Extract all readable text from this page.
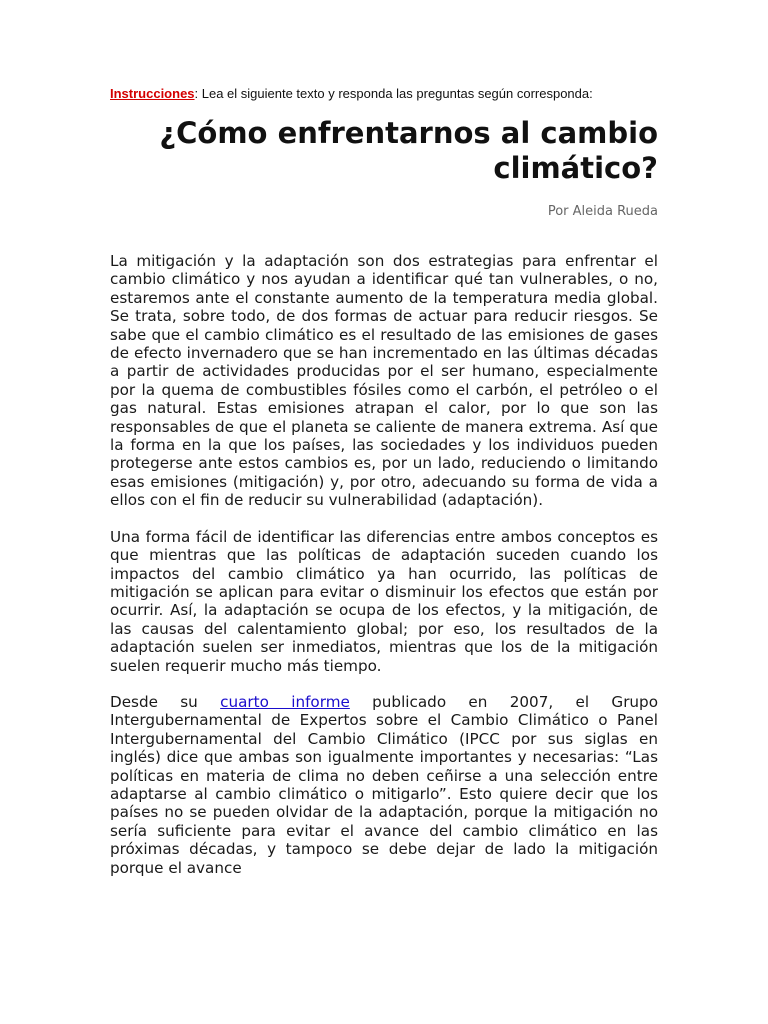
Instrucciones: Lea el siguiente texto y responda las preguntas según corresponda:
¿Cómo enfrentarnos al cambio
climático?
Por Aleida Rueda

La mitigación y la adaptación son dos estrategias para enfrentar el cambio climático y nos ayudan a identificar qué tan vulnerables, o no, estaremos ante el constante aumento de la temperatura media global. Se trata, sobre todo, de dos formas de actuar para reducir riesgos. Se sabe que el cambio climático es el resultado de las emisiones de gases de efecto invernadero que se han incrementado en las últimas décadas a partir de actividades producidas por el ser humano, especialmente por la quema de combustibles fósiles como el carbón, el petróleo o el gas natural. Estas emisiones atrapan el calor, por lo que son las responsables de que el planeta se caliente de manera extrema. Así que la forma en la que los países, las sociedades y los individuos pueden protegerse ante estos cambios es, por un lado, reduciendo o limitando esas emisiones (mitigación) y, por otro, adecuando su forma de vida a ellos con el fin de reducir su vulnerabilidad (adaptación).

Una forma fácil de identificar las diferencias entre ambos conceptos es que mientras que las políticas de adaptación suceden cuando los impactos del cambio climático ya han ocurrido, las políticas de mitigación se aplican para evitar o disminuir los efectos que están por ocurrir. Así, la adaptación se ocupa de los efectos, y la mitigación, de las causas del calentamiento global; por eso, los resultados de la adaptación suelen ser inmediatos, mientras que los de la mitigación suelen requerir mucho más tiempo.

Desde su cuarto informe publicado en 2007, el Grupo Intergubernamental de Expertos sobre el Cambio Climático o Panel Intergubernamental del Cambio Climático (IPCC por sus siglas en inglés) dice que ambas son igualmente importantes y necesarias: “Las políticas en materia de clima no deben ceñirse a una selección entre adaptarse al cambio climático o mitigarlo”. Esto quiere decir que los países no se pueden olvidar de la adaptación, porque la mitigación no sería suficiente para evitar el avance del cambio climático en las próximas décadas, y tampoco se debe dejar de lado la mitigación porque el avance
